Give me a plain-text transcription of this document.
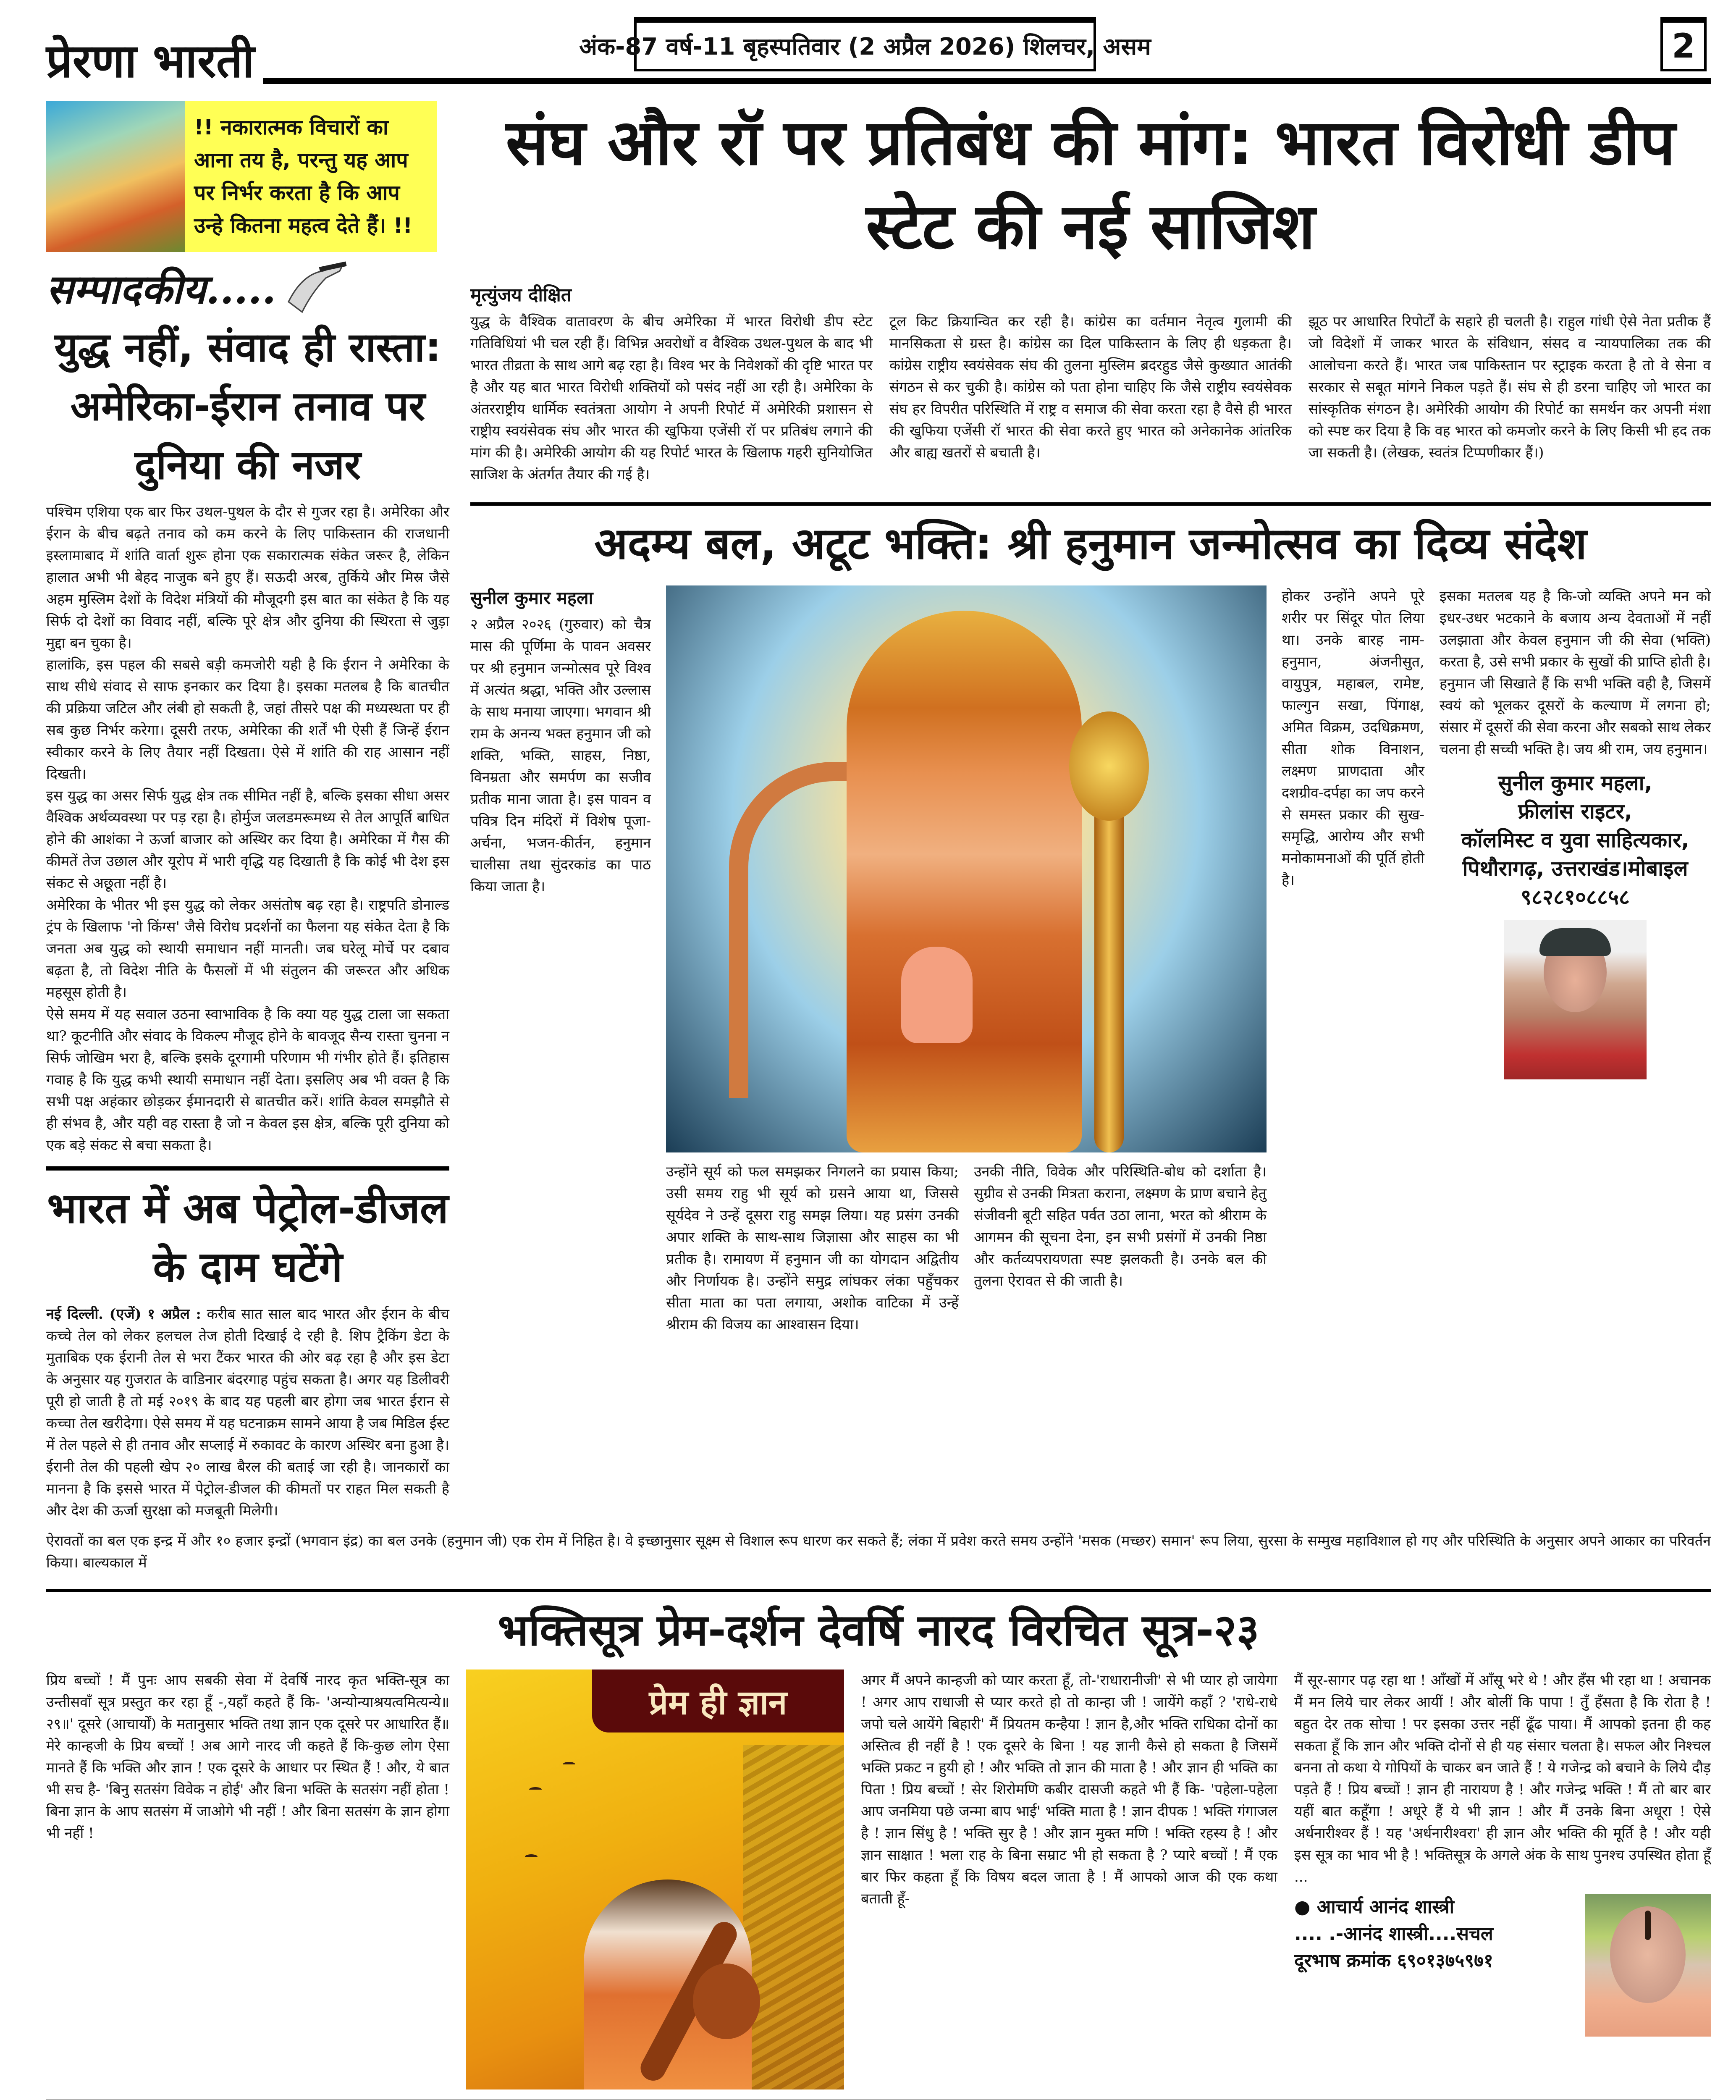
प्रेरणा भारती	अंक-87 वर्ष-11 बृहस्पतिवार (2 अप्रैल 2026) शिलचर, असम	2
!! नकारात्मक विचारों का आना तय है, परन्तु यह आप पर निर्भर करता है कि आप उन्हे कितना महत्व देते हैं। !!
सम्पादकीय.....
युद्ध नहीं, संवाद ही रास्ता: अमेरिका-ईरान तनाव पर दुनिया की नजर

पश्चिम एशिया एक बार फिर उथल-पुथल के दौर से गुजर रहा है। अमेरिका और ईरान के बीच बढ़ते तनाव को कम करने के लिए पाकिस्तान की राजधानी इस्लामाबाद में शांति वार्ता शुरू होना एक सकारात्मक संकेत जरूर है, लेकिन हालात अभी भी बेहद नाजुक बने हुए हैं। सऊदी अरब, तुर्किये और मिस्र जैसे अहम मुस्लिम देशों के विदेश मंत्रियों की मौजूदगी इस बात का संकेत है कि यह सिर्फ दो देशों का विवाद नहीं, बल्कि पूरे क्षेत्र और दुनिया की स्थिरता से जुड़ा मुद्दा बन चुका है।

हालांकि, इस पहल की सबसे बड़ी कमजोरी यही है कि ईरान ने अमेरिका के साथ सीधे संवाद से साफ इनकार कर दिया है। इसका मतलब है कि बातचीत की प्रक्रिया जटिल और लंबी हो सकती है, जहां तीसरे पक्ष की मध्यस्थता पर ही सब कुछ निर्भर करेगा। दूसरी तरफ, अमेरिका की शर्तें भी ऐसी हैं जिन्हें ईरान स्वीकार करने के लिए तैयार नहीं दिखता। ऐसे में शांति की राह आसान नहीं दिखती।

इस युद्ध का असर सिर्फ युद्ध क्षेत्र तक सीमित नहीं है, बल्कि इसका सीधा असर वैश्विक अर्थव्यवस्था पर पड़ रहा है। होर्मुज जलडमरूमध्य से तेल आपूर्ति बाधित होने की आशंका ने ऊर्जा बाजार को अस्थिर कर दिया है। अमेरिका में गैस की कीमतें तेज उछाल और यूरोप में भारी वृद्धि यह दिखाती है कि कोई भी देश इस संकट से अछूता नहीं है।

अमेरिका के भीतर भी इस युद्ध को लेकर असंतोष बढ़ रहा है। राष्ट्रपति डोनाल्ड ट्रंप के खिलाफ 'नो किंग्स' जैसे विरोध प्रदर्शनों का फैलना यह संकेत देता है कि जनता अब युद्ध को स्थायी समाधान नहीं मानती। जब घरेलू मोर्चे पर दबाव बढ़ता है, तो विदेश नीति के फैसलों में भी संतुलन की जरूरत और अधिक महसूस होती है।

ऐसे समय में यह सवाल उठना स्वाभाविक है कि क्या यह युद्ध टाला जा सकता था? कूटनीति और संवाद के विकल्प मौजूद होने के बावजूद सैन्य रास्ता चुनना न सिर्फ जोखिम भरा है, बल्कि इसके दूरगामी परिणाम भी गंभीर होते हैं। इतिहास गवाह है कि युद्ध कभी स्थायी समाधान नहीं देता। इसलिए अब भी वक्त है कि सभी पक्ष अहंकार छोड़कर ईमानदारी से बातचीत करें। शांति केवल समझौते से ही संभव है, और यही वह रास्ता है जो न केवल इस क्षेत्र, बल्कि पूरी दुनिया को एक बड़े संकट से बचा सकता है।

भारत में अब पेट्रोल-डीजल के दाम घटेंगे
नई दिल्ली. (एजें) १ अप्रैल : करीब सात साल बाद भारत और ईरान के बीच कच्चे तेल को लेकर हलचल तेज होती दिखाई दे रही है. शिप ट्रैकिंग डेटा के मुताबिक एक ईरानी तेल से भरा टैंकर भारत की ओर बढ़ रहा है और इस डेटा के अनुसार यह गुजरात के वाडिनार बंदरगाह पहुंच सकता है। अगर यह डिलीवरी पूरी हो जाती है तो मई २०१९ के बाद यह पहली बार होगा जब भारत ईरान से कच्चा तेल खरीदेगा। ऐसे समय में यह घटनाक्रम सामने आया है जब मिडिल ईस्ट में तेल पहले से ही तनाव और सप्लाई में रुकावट के कारण अस्थिर बना हुआ है। ईरानी तेल की पहली खेप २० लाख बैरल की बताई जा रही है। जानकारों का मानना है कि इससे भारत में पेट्रोल-डीजल की कीमतों पर राहत मिल सकती है और देश की ऊर्जा सुरक्षा को मजबूती मिलेगी।
संघ और रॉ पर प्रतिबंध की मांग: भारत विरोधी डीप स्टेट की नई साजिश
मृत्युंजय दीक्षित
युद्ध के वैश्विक वातावरण के बीच अमेरिका में भारत विरोधी डीप स्टेट गतिविधियां भी चल रही हैं। विभिन्न अवरोधों व वैश्विक उथल-पुथल के बाद भी भारत तीव्रता के साथ आगे बढ़ रहा है। विश्व भर के निवेशकों की दृष्टि भारत पर है और यह बात भारत विरोधी शक्तियों को पसंद नहीं आ रही है। अमेरिका के अंतरराष्ट्रीय धार्मिक स्वतंत्रता आयोग ने अपनी रिपोर्ट में अमेरिकी प्रशासन से राष्ट्रीय स्वयंसेवक संघ और भारत की खुफिया एजेंसी रॉ पर प्रतिबंध लगाने की मांग की है। अमेरिकी आयोग की यह रिपोर्ट भारत के खिलाफ गहरी सुनियोजित साजिश के अंतर्गत तैयार की गई है।
टूल किट क्रियान्वित कर रही है। कांग्रेस का वर्तमान नेतृत्व गुलामी की मानसिकता से ग्रस्त है। कांग्रेस का दिल पाकिस्तान के लिए ही धड़कता है। कांग्रेस राष्ट्रीय स्वयंसेवक संघ की तुलना मुस्लिम ब्रदरहुड जैसे कुख्यात आतंकी संगठन से कर चुकी है। कांग्रेस को पता होना चाहिए कि जैसे राष्ट्रीय स्वयंसेवक संघ हर विपरीत परिस्थिति में राष्ट्र व समाज की सेवा करता रहा है वैसे ही भारत की खुफिया एजेंसी रॉ भारत की सेवा करते हुए भारत को अनेकानेक आंतरिक और बाह्य खतरों से बचाती है।
झूठ पर आधारित रिपोर्टों के सहारे ही चलती है। राहुल गांधी ऐसे नेता प्रतीक हैं जो विदेशों में जाकर भारत के संविधान, संसद व न्यायपालिका तक की आलोचना करते हैं। भारत जब पाकिस्तान पर स्ट्राइक करता है तो वे सेना व सरकार से सबूत मांगने निकल पड़ते हैं। संघ से ही डरना चाहिए जो भारत का सांस्कृतिक संगठन है। अमेरिकी आयोग की रिपोर्ट का समर्थन कर अपनी मंशा को स्पष्ट कर दिया है कि वह भारत को कमजोर करने के लिए किसी भी हद तक जा सकती है। (लेखक, स्वतंत्र टिप्पणीकार हैं।)
अदम्य बल, अटूट भक्ति: श्री हनुमान जन्मोत्सव का दिव्य संदेश
सुनील कुमार महला
२ अप्रैल २०२६ (गुरुवार) को चैत्र मास की पूर्णिमा के पावन अवसर पर श्री हनुमान जन्मोत्सव पूरे विश्व में अत्यंत श्रद्धा, भक्ति और उल्लास के साथ मनाया जाएगा। भगवान श्री राम के अनन्य भक्त हनुमान जी को शक्ति, भक्ति, साहस, निष्ठा, विनम्रता और समर्पण का सजीव प्रतीक माना जाता है। इस पावन व पवित्र दिन मंदिरों में विशेष पूजा-अर्चना, भजन-कीर्तन, हनुमान चालीसा तथा सुंदरकांड का पाठ किया जाता है।
उन्होंने सूर्य को फल समझकर निगलने का प्रयास किया; उसी समय राहु भी सूर्य को ग्रसने आया था, जिससे सूर्यदेव ने उन्हें दूसरा राहु समझ लिया। यह प्रसंग उनकी अपार शक्ति के साथ-साथ जिज्ञासा और साहस का भी प्रतीक है। रामायण में हनुमान जी का योगदान अद्वितीय और निर्णायक है। उन्होंने समुद्र लांघकर लंका पहुँचकर सीता माता का पता लगाया, अशोक वाटिका में उन्हें श्रीराम की विजय का आश्वासन दिया।
उनकी नीति, विवेक और परिस्थिति-बोध को दर्शाता है। सुग्रीव से उनकी मित्रता कराना, लक्ष्मण के प्राण बचाने हेतु संजीवनी बूटी सहित पर्वत उठा लाना, भरत को श्रीराम के आगमन की सूचना देना, इन सभी प्रसंगों में उनकी निष्ठा और कर्तव्यपरायणता स्पष्ट झलकती है। उनके बल की तुलना ऐरावत से की जाती है।
होकर उन्होंने अपने पूरे शरीर पर सिंदूर पोत लिया था। उनके बारह नाम-हनुमान, अंजनीसुत, वायुपुत्र, महाबल, रामेष्ट, फाल्गुन सखा, पिंगाक्ष, अमित विक्रम, उदधिक्रमण, सीता शोक विनाशन, लक्ष्मण प्राणदाता और दशग्रीव-दर्पहा का जप करने से समस्त प्रकार की सुख-समृद्धि, आरोग्य और सभी मनोकामनाओं की पूर्ति होती है।
इसका मतलब यह है कि-जो व्यक्ति अपने मन को इधर-उधर भटकाने के बजाय अन्य देवताओं में नहीं उलझाता और केवल हनुमान जी की सेवा (भक्ति) करता है, उसे सभी प्रकार के सुखों की प्राप्ति होती है। हनुमान जी सिखाते हैं कि सभी भक्ति वही है, जिसमें स्वयं को भूलकर दूसरों के कल्याण में लगना हो; संसार में दूसरों की सेवा करना और सबको साथ लेकर चलना ही सच्ची भक्ति है। जय श्री राम, जय हनुमान।
सुनील कुमार महला,
फ्रीलांस राइटर,
कॉलमिस्ट व युवा साहित्यकार, पिथौरागढ़, उत्तराखंड।मोबाइल
९८२८१०८८५८
ऐरावतों का बल एक इन्द्र में और १० हजार इन्द्रों (भगवान इंद्र) का बल उनके (हनुमान जी) एक रोम में निहित है। वे इच्छानुसार सूक्ष्म से विशाल रूप धारण कर सकते हैं; लंका में प्रवेश करते समय उन्होंने 'मसक (मच्छर) समान' रूप लिया, सुरसा के सम्मुख महाविशाल हो गए और परिस्थिति के अनुसार अपने आकार का परिवर्तन किया। बाल्यकाल में
भक्तिसूत्र प्रेम-दर्शन देवर्षि नारद विरचित सूत्र-२३
प्रिय बच्चों ! मैं पुनः आप सबकी सेवा में देवर्षि नारद कृत भक्ति-सूत्र का उन्तीसवाँ सूत्र प्रस्तुत कर रहा हूँ -,यहाँ कहते हैं कि- 'अन्योन्याश्रयत्वमित्यन्ये॥२९॥' दूसरे (आचार्यों) के मतानुसार भक्ति तथा ज्ञान एक दूसरे पर आधारित हैं॥ मेरे कान्हजी के प्रिय बच्चों ! अब आगे नारद जी कहते हैं कि-कुछ लोग ऐसा मानते हैं कि भक्ति और ज्ञान ! एक दूसरे के आधार पर स्थित हैं ! और, ये बात भी सच है- 'बिनु सतसंग विवेक न होई' और बिना भक्ति के सतसंग नहीं होता ! बिना ज्ञान के आप सतसंग में जाओगे भी नहीं ! और बिना सतसंग के ज्ञान होगा भी नहीं !
प्रेम ही ज्ञान
अगर मैं अपने कान्हजी को प्यार करता हूँ, तो-'राधारानीजी' से भी प्यार हो जायेगा ! अगर आप राधाजी से प्यार करते हो तो कान्हा जी ! जायेंगे कहाँ ? 'राधे-राधे जपो चले आयेंगे बिहारी' मैं प्रियतम कन्हैया ! ज्ञान है,और भक्ति राधिका दोनों का अस्तित्व ही नहीं है ! एक दूसरे के बिना ! यह ज्ञानी कैसे हो सकता है जिसमें भक्ति प्रकट न हुयी हो ! और भक्ति तो ज्ञान की माता है ! और ज्ञान ही भक्ति का पिता ! प्रिय बच्चों ! सेर शिरोमणि कबीर दासजी कहते भी हैं कि- 'पहेला-पहेला आप जनमिया पछे जन्मा बाप भाई' भक्ति माता है ! ज्ञान दीपक ! भक्ति गंगाजल है ! ज्ञान सिंधु है ! भक्ति सुर है ! और ज्ञान मुक्त मणि ! भक्ति रहस्य है ! और ज्ञान साक्षात ! भला राह के बिना सम्राट भी हो सकता है ? प्यारे बच्चों ! मैं एक बार फिर कहता हूँ कि विषय बदल जाता है ! मैं आपको आज की एक कथा बताती हूँ-
मैं सूर-सागर पढ़ रहा था ! आँखों में आँसू भरे थे ! और हँस भी रहा था ! अचानक मैं मन लिये चार लेकर आयीं ! और बोलीं कि पापा ! तुँ हँसता है कि रोता है ! बहुत देर तक सोचा ! पर इसका उत्तर नहीं ढूँढ पाया। मैं आपको इतना ही कह सकता हूँ कि ज्ञान और भक्ति दोनों से ही यह संसार चलता है। सफल और निश्चल बनना तो कथा ये गोपियों के चाकर बन जाते हैं ! ये गजेन्द्र को बचाने के लिये दौड़ पड़ते हैं ! प्रिय बच्चों ! ज्ञान ही नारायण है ! और गजेन्द्र भक्ति ! मैं तो बार बार यहीं बात कहूँगा ! अधूरे हैं ये भी ज्ञान ! और मैं उनके बिना अधूरा ! ऐसे अर्धनारीश्वर हैं ! यह 'अर्धनारीश्वरा' ही ज्ञान और भक्ति की मूर्ति है ! और यही इस सूत्र का भाव भी है ! भक्तिसूत्र के अगले अंक के साथ पुनश्च उपस्थित होता हूँ ...
● आचार्य आनंद शास्त्री
.... .-आनंद शास्त्री....सचल
दूरभाष क्रमांक ६९०१३७५९७१
